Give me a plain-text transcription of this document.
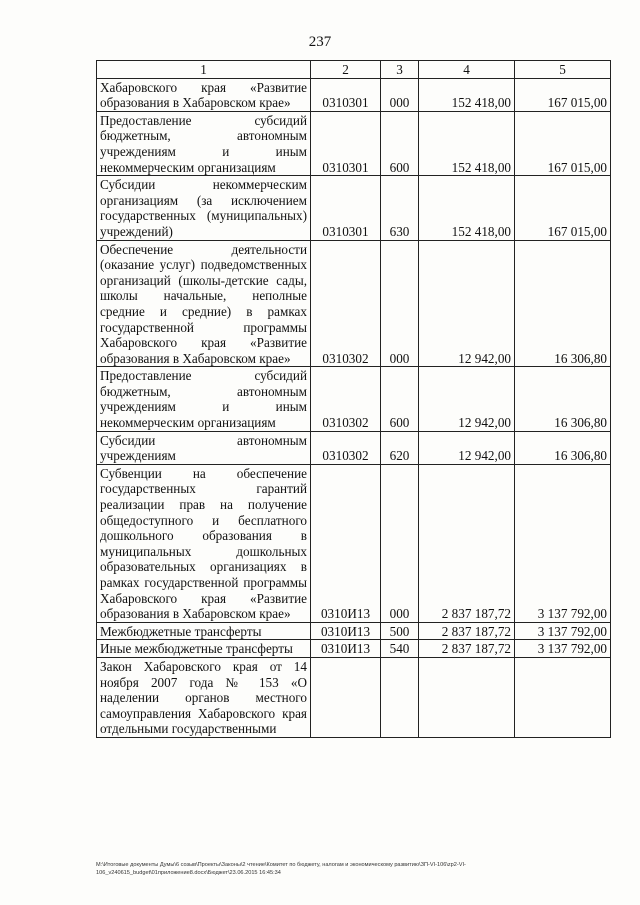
237
1	2	3	4	5
Хабаровского края «Развитие образования в Хабаровском крае»	0310301	000	152 418,00	167 015,00
Предоставление субсидий бюджетным, автономным учреждениям и иным некоммерческим организациям	0310301	600	152 418,00	167 015,00
Субсидии некоммерческим организациям (за исключением государственных (муниципальных) учреждений)	0310301	630	152 418,00	167 015,00
Обеспечение деятельности (оказание услуг) подведомственных организаций (школы-детские сады, школы начальные, неполные средние и средние) в рамках государственной программы Хабаровского края «Развитие образования в Хабаровском крае»	0310302	000	12 942,00	16 306,80
Предоставление субсидий бюджетным, автономным учреждениям и иным некоммерческим организациям	0310302	600	12 942,00	16 306,80
Субсидии автономным учреждениям	0310302	620	12 942,00	16 306,80
Субвенции на обеспечение государственных гарантий реализации прав на получение общедоступного и бесплатного дошкольного образования в муниципальных дошкольных образовательных организациях в рамках государственной программы Хабаровского края «Развитие образования в Хабаровском крае»	0310И13	000	2 837 187,72	3 137 792,00
Межбюджетные трансферты	0310И13	500	2 837 187,72	3 137 792,00
Иные межбюджетные трансферты	0310И13	540	2 837 187,72	3 137 792,00
Закон Хабаровского края от 14 ноября 2007 года № 153 «О наделении органов местного самоуправления Хабаровского края отдельными государственными				
М:\Итоговые документы Думы\6 созыв\Проекты\Законы\2 чтение\Комитет по бюджету, налогам и экономическому развитию\ЗП-VI-106\zp2-VI-
106_v240615_budget\01приложение8.docx\Бюджет\23.06.2015 16:45:34
